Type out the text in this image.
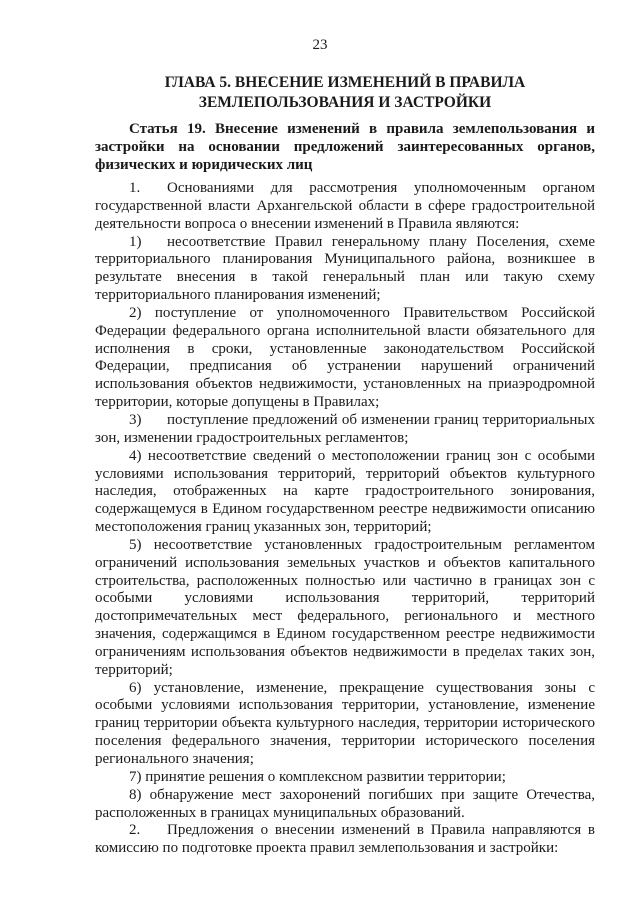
23
ГЛАВА 5. ВНЕСЕНИЕ ИЗМЕНЕНИЙ В ПРАВИЛА
ЗЕМЛЕПОЛЬЗОВАНИЯ И ЗАСТРОЙКИ
Статья 19. Внесение изменений в правила землепользования и застройки на основании предложений заинтересованных органов, физических и юридических лиц

1. Основаниями для рассмотрения уполномоченным органом государственной власти Архангельской области в сфере градостроительной деятельности вопроса о внесении изменений в Правила являются:

1) несоответствие Правил генеральному плану Поселения, схеме территориального планирования Муниципального района, возникшее в результате внесения в такой генеральный план или такую схему территориального планирования изменений;

2) поступление от уполномоченного Правительством Российской Федерации федерального органа исполнительной власти обязательного для исполнения в сроки, установленные законодательством Российской Федерации, предписания об устранении нарушений ограничений использования объектов недвижимости, установленных на приаэродромной территории, которые допущены в Правилах;

3) поступление предложений об изменении границ территориальных зон, изменении градостроительных регламентов;

4) несоответствие сведений о местоположении границ зон с особыми условиями использования территорий, территорий объектов культурного наследия, отображенных на карте градостроительного зонирования, содержащемуся в Едином государственном реестре недвижимости описанию местоположения границ указанных зон, территорий;

5) несоответствие установленных градостроительным регламентом ограничений использования земельных участков и объектов капитального строительства, расположенных полностью или частично в границах зон с особыми условиями использования территорий, территорий достопримечательных мест федерального, регионального и местного значения, содержащимся в Едином государственном реестре недвижимости ограничениям использования объектов недвижимости в пределах таких зон, территорий;

6) установление, изменение, прекращение существования зоны с особыми условиями использования территории, установление, изменение границ территории объекта культурного наследия, территории исторического поселения федерального значения, территории исторического поселения регионального значения;

7) принятие решения о комплексном развитии территории;

8) обнаружение мест захоронений погибших при защите Отечества, расположенных в границах муниципальных образований.

2. Предложения о внесении изменений в Правила направляются в комиссию по подготовке проекта правил землепользования и застройки:
